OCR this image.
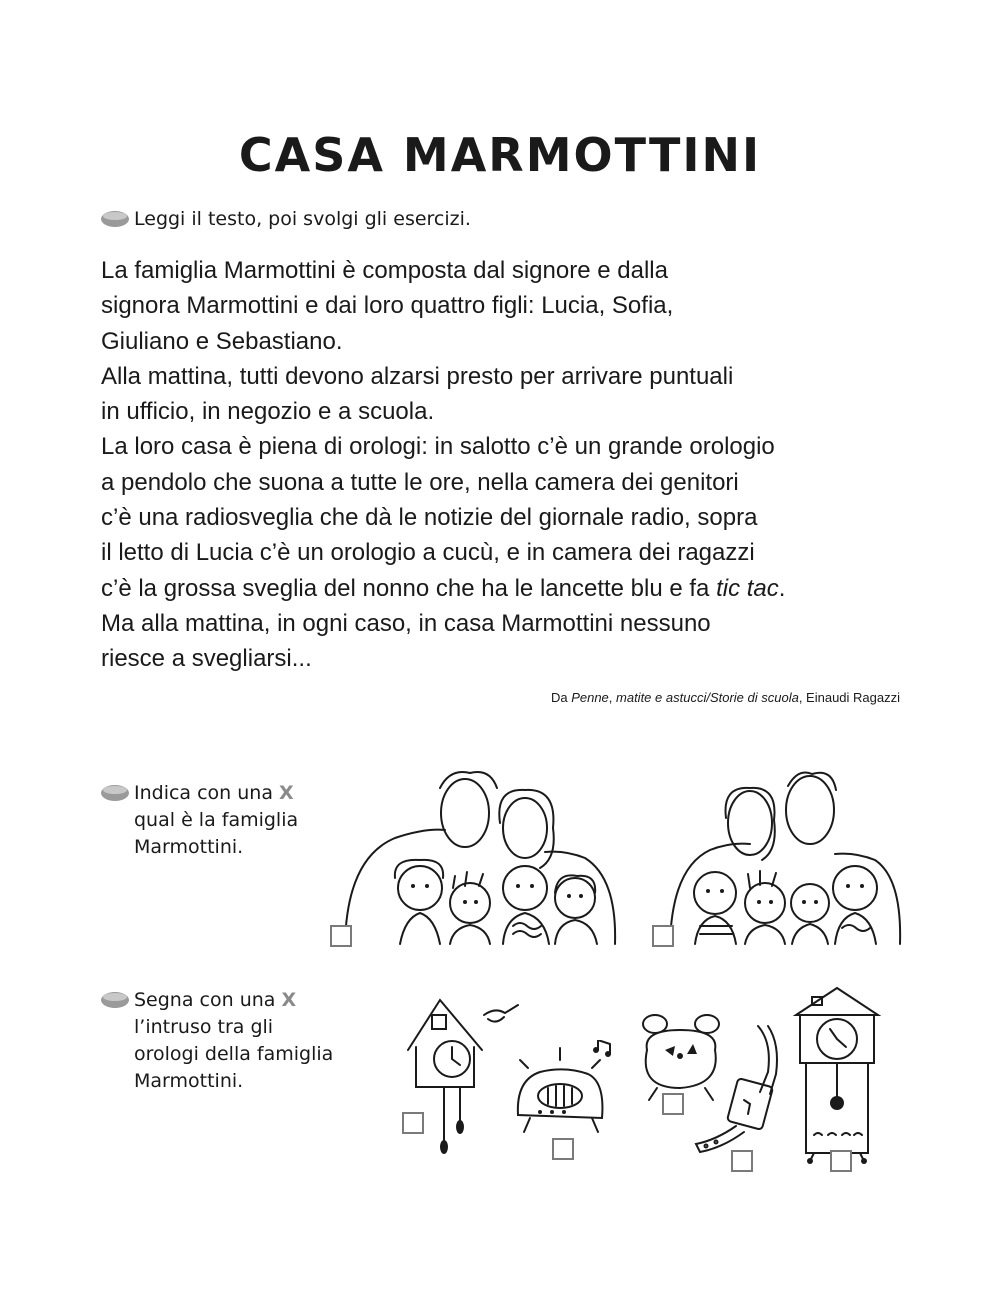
CASA MARMOTTINI
Leggi il testo, poi svolgi gli esercizi.

La famiglia Marmottini è composta dal signore e dalla

signora Marmottini e dai loro quattro figli: Lucia, Sofia,

Giuliano e Sebastiano.

Alla mattina, tutti devono alzarsi presto per arrivare puntuali

in ufficio, in negozio e a scuola.

La loro casa è piena di orologi: in salotto c’è un grande orologio

a pendolo che suona a tutte le ore, nella camera dei genitori

c’è una radiosveglia che dà le notizie del giornale radio, sopra

il letto di Lucia c’è un orologio a cucù, e in camera dei ragazzi

c’è la grossa sveglia del nonno che ha le lancette blu e fa tic tac.

Ma alla mattina, in ogni caso, in casa Marmottini nessuno

riesce a svegliarsi...

Da Penne, matite e astucci/Storie di scuola, Einaudi Ragazzi
Indica con una X
qual è la famiglia
Marmottini.
Segna con una X
l’intruso tra gli
orologi della famiglia
Marmottini.
